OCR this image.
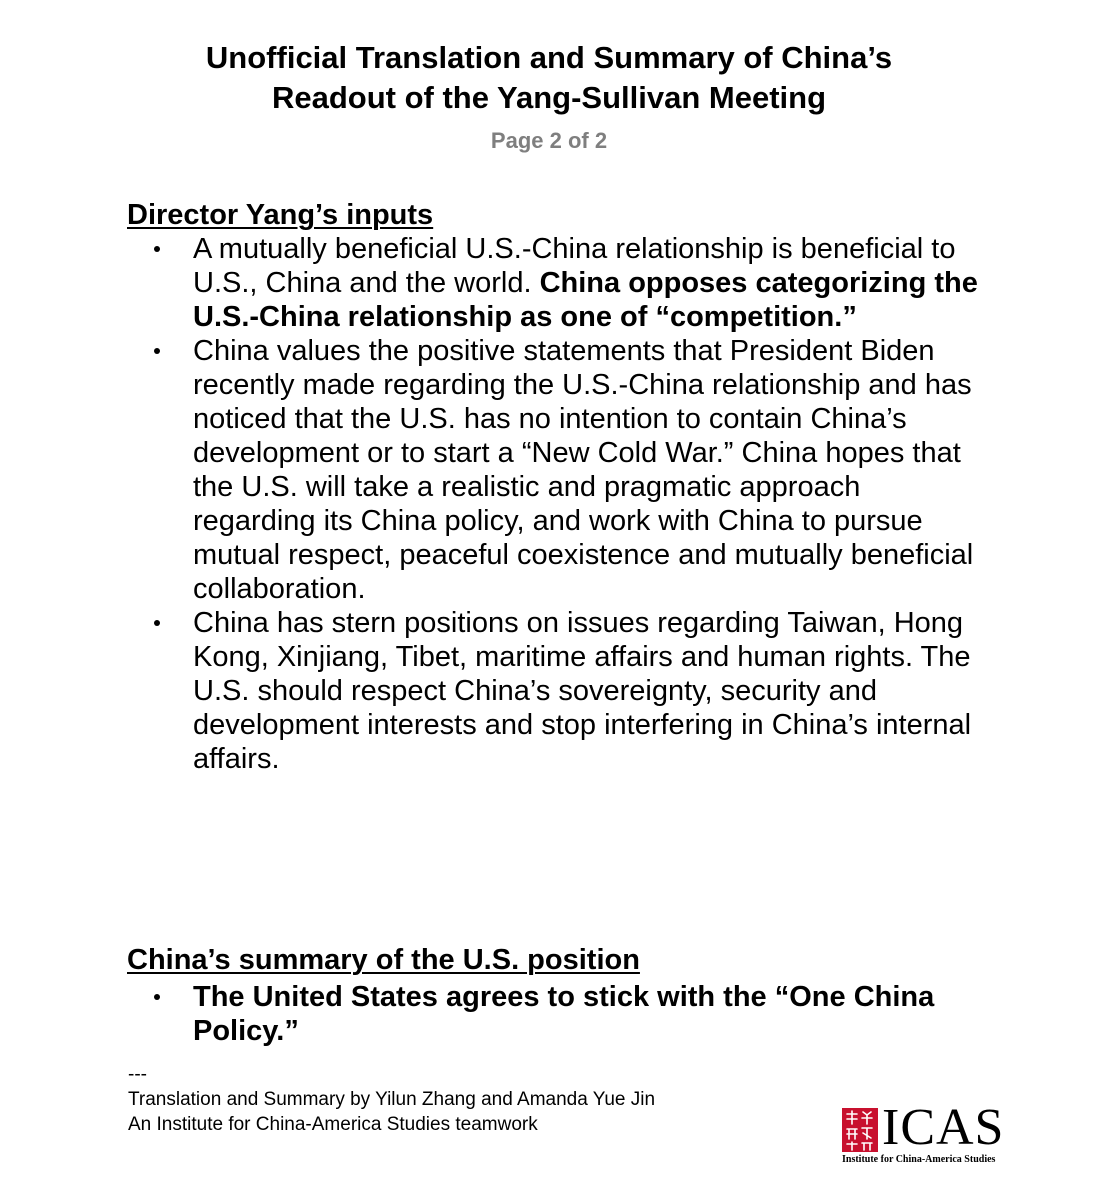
Unofficial Translation and Summary of China’s
Readout of the Yang-Sullivan Meeting
Page 2 of 2
Director Yang’s inputs
A mutually beneficial U.S.-China relationship is beneficial to U.S., China and the world. China opposes categorizing the U.S.-China relationship as one of “competition.”
China values the positive statements that President Biden recently made regarding the U.S.-China relationship and has noticed that the U.S. has no intention to contain China’s development or to start a “New Cold War.” China hopes that the U.S. will take a realistic and pragmatic approach regarding its China policy, and work with China to pursue mutual respect, peaceful coexistence and mutually beneficial collaboration.
China has stern positions on issues regarding Taiwan, Hong Kong, Xinjiang, Tibet, maritime affairs and human rights. The U.S. should respect China’s sovereignty, security and development interests and stop interfering in China’s internal affairs.
China’s summary of the U.S. position
The United States agrees to stick with the “One China Policy.”
---
Translation and Summary by Yilun Zhang and Amanda Yue Jin
An Institute for China-America Studies teamwork	ICAS
Institute for China-America Studies
